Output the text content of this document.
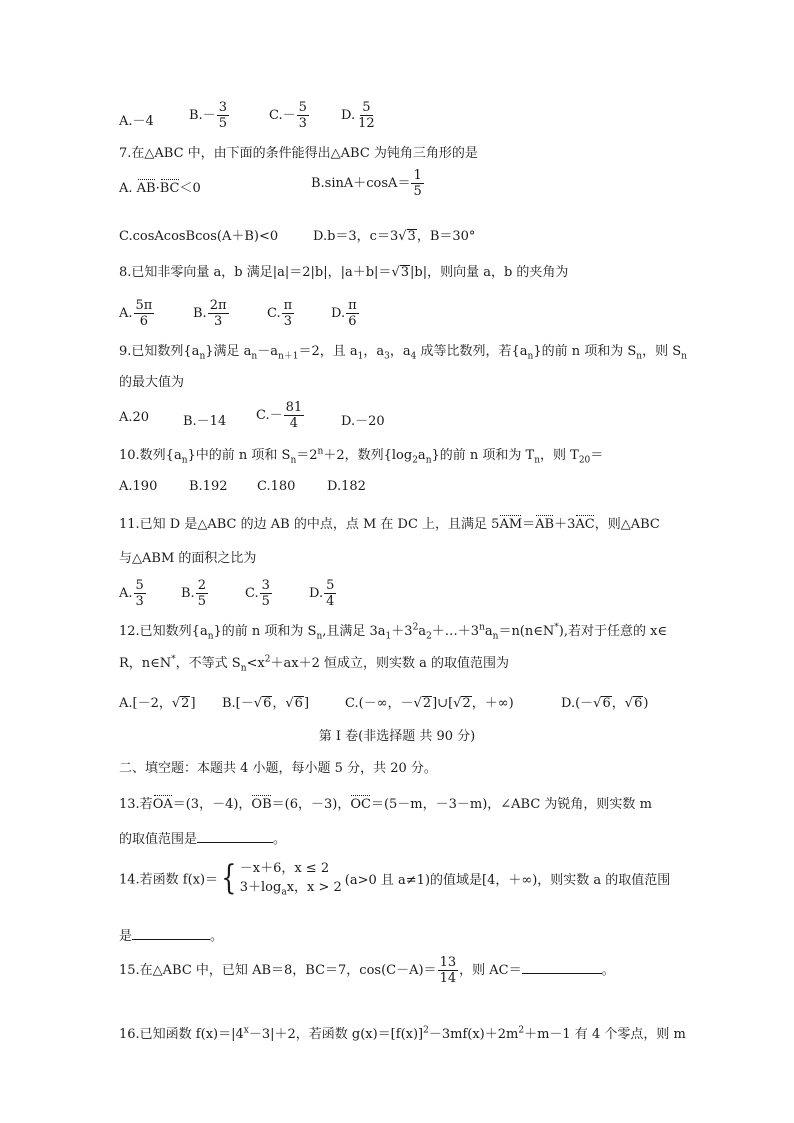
A.－4	$B.- \frac{3}{5}$	$C.- \frac{5}{3} D$. $\frac{5}{12}$
7.在△ABC 中，由下面的条件能得出△ABC 为钝角三角形的是
A. AB·BC＜0	$B.\sin A+\cos A= \frac{1}{5}$
C.cosAcosBcos(A＋B)<0	D.b＝3，c＝3√3，B＝30°
8.已知非零向量 a，b 满足|a|＝2|b|，|a＋b|＝√3|b|，则向量 a，b 的夹角为
A. $\frac{5\pi}{6}$	B. $\frac{2\pi}{3}$	C. $\frac{\pi}{3}$	D. $\frac{\pi}{6}$
9.已知数列$\{a_n\}$满足 $a_n-a_{n+1}=2$，且 $a_1$，$a_3$，$a_4$ 成等比数列，若$\{a_n\}$的前 n 项和为 $S_n$，则 $S_n$
的最大值为
A.20	B.－14 $C.- \frac{81}{4}$	D.－20
10.数列$\{a_n\}$中的前 n 项和 $S_n=2^n+2$，数列$\{\log_2a_n\}$的前 n 项和为 $T_n$，则 $T_{20}=$
A.190 B.192 C.180 D.182
11.已知 D 是△ABC 的边 AB 的中点，点 M 在 DC 上，且满足 5AM＝AB＋3AC，则△ABC
与△ABM 的面积之比为
A. $\frac{5}{3}$	B. $\frac{2}{5}$	C. $\frac{3}{5}$	D. $\frac{5}{4}$
12.已知数列$\{a_n\}$的前 n 项和为 $S_n$,且满足 $3a_1+3^2a_2+\dots+3^na_n=n(n\in N^*)$,若对于任意的 x∈
R，n∈N*，不等式 $S_n<x^2+ax+2$ 恒成立，则实数 a 的取值范围为
A.[－2，√2] B.[－√6，√6]	C.(－∞，－√2]∪[√2，＋∞)	D.(－√6，√6)
第 I 卷(非选择题 共 90 分)
二、填空题：本题共 4 小题，每小题 5 分，共 20 分。
13.若OA＝(3，－4)，OB＝(6，－3)，OC＝(5－m，－3－m)，∠ABC 为锐角，则实数 m
的取值范围是	。
14.若函数 f(x)＝{ －x＋6，x ≤ 2
$3+\log_ax$，x > 2 (a>0 且 a≠1)的值域是[4，＋∞)，则实数 a 的取值范围
是	。
15.在△ABC 中，已知 AB＝8，BC＝7，$\cos(C-A)= \frac{13}{14}$ ，则 AC＝	。
16.已知函数 $f(x)=|4^x-3|+2$，若函数 $g(x)=[f(x)]^2-3mf(x)+2m^2+m-1$ 有 4 个零点，则 m
